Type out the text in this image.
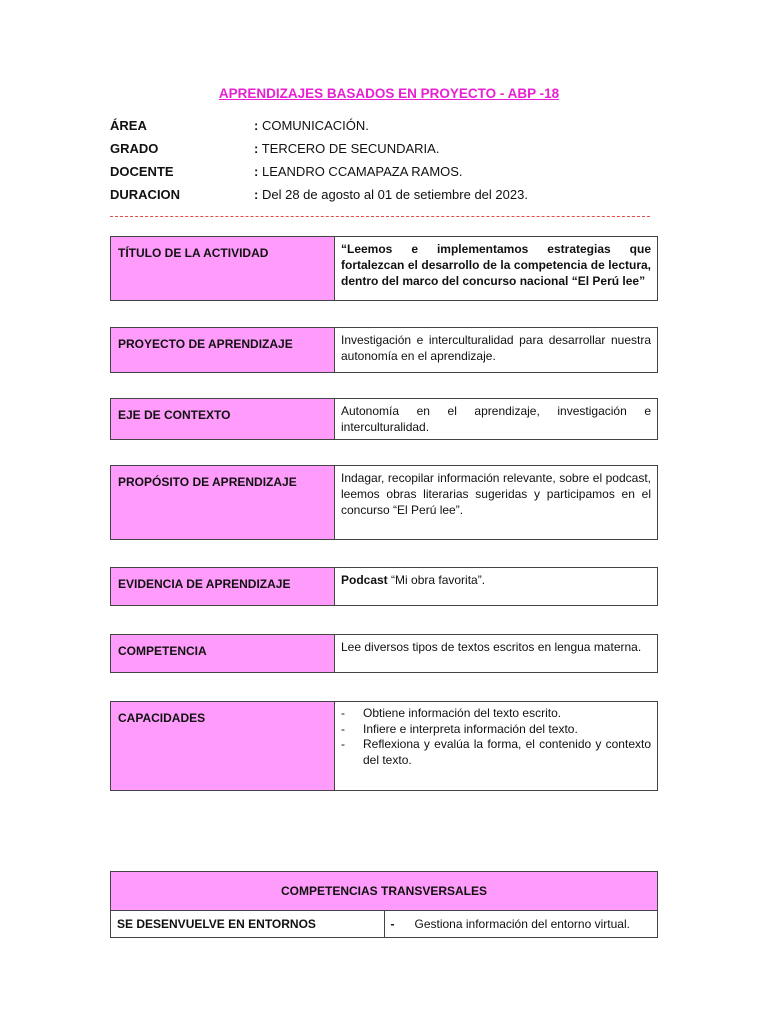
APRENDIZAJES BASADOS EN PROYECTO - ABP -18
ÁREA	: COMUNICACIÓN.
GRADO	: TERCERO DE SECUNDARIA.
DOCENTE	: LEANDRO CCAMAPAZA RAMOS.
DURACION	: Del 28 de agosto al 01 de setiembre del 2023.
TÍTULO DE LA ACTIVIDAD	“Leemos e implementamos estrategias que fortalezcan el desarrollo de la competencia de lectura, dentro del marco del concurso nacional “El Perú lee”
PROYECTO DE APRENDIZAJE	Investigación e interculturalidad para desarrollar nuestra autonomía en el aprendizaje.
EJE DE CONTEXTO	Autonomía en el aprendizaje, investigación e interculturalidad.
PROPÓSITO DE APRENDIZAJE	Indagar, recopilar información relevante, sobre el podcast, leemos obras literarias sugeridas y participamos en el concurso “El Perú lee”.
EVIDENCIA DE APRENDIZAJE	Podcast “Mi obra favorita”.
COMPETENCIA	Lee diversos tipos de textos escritos en lengua materna.
CAPACIDADES	
-Obtiene información del texto escrito.
- Infiere e interpreta información del texto.
- Reflexiona y evalúa la forma, el contenido y contexto del texto.
COMPETENCIAS TRANSVERSALES
SE DESENVUELVE EN ENTORNOS	- Gestiona información del entorno virtual.
